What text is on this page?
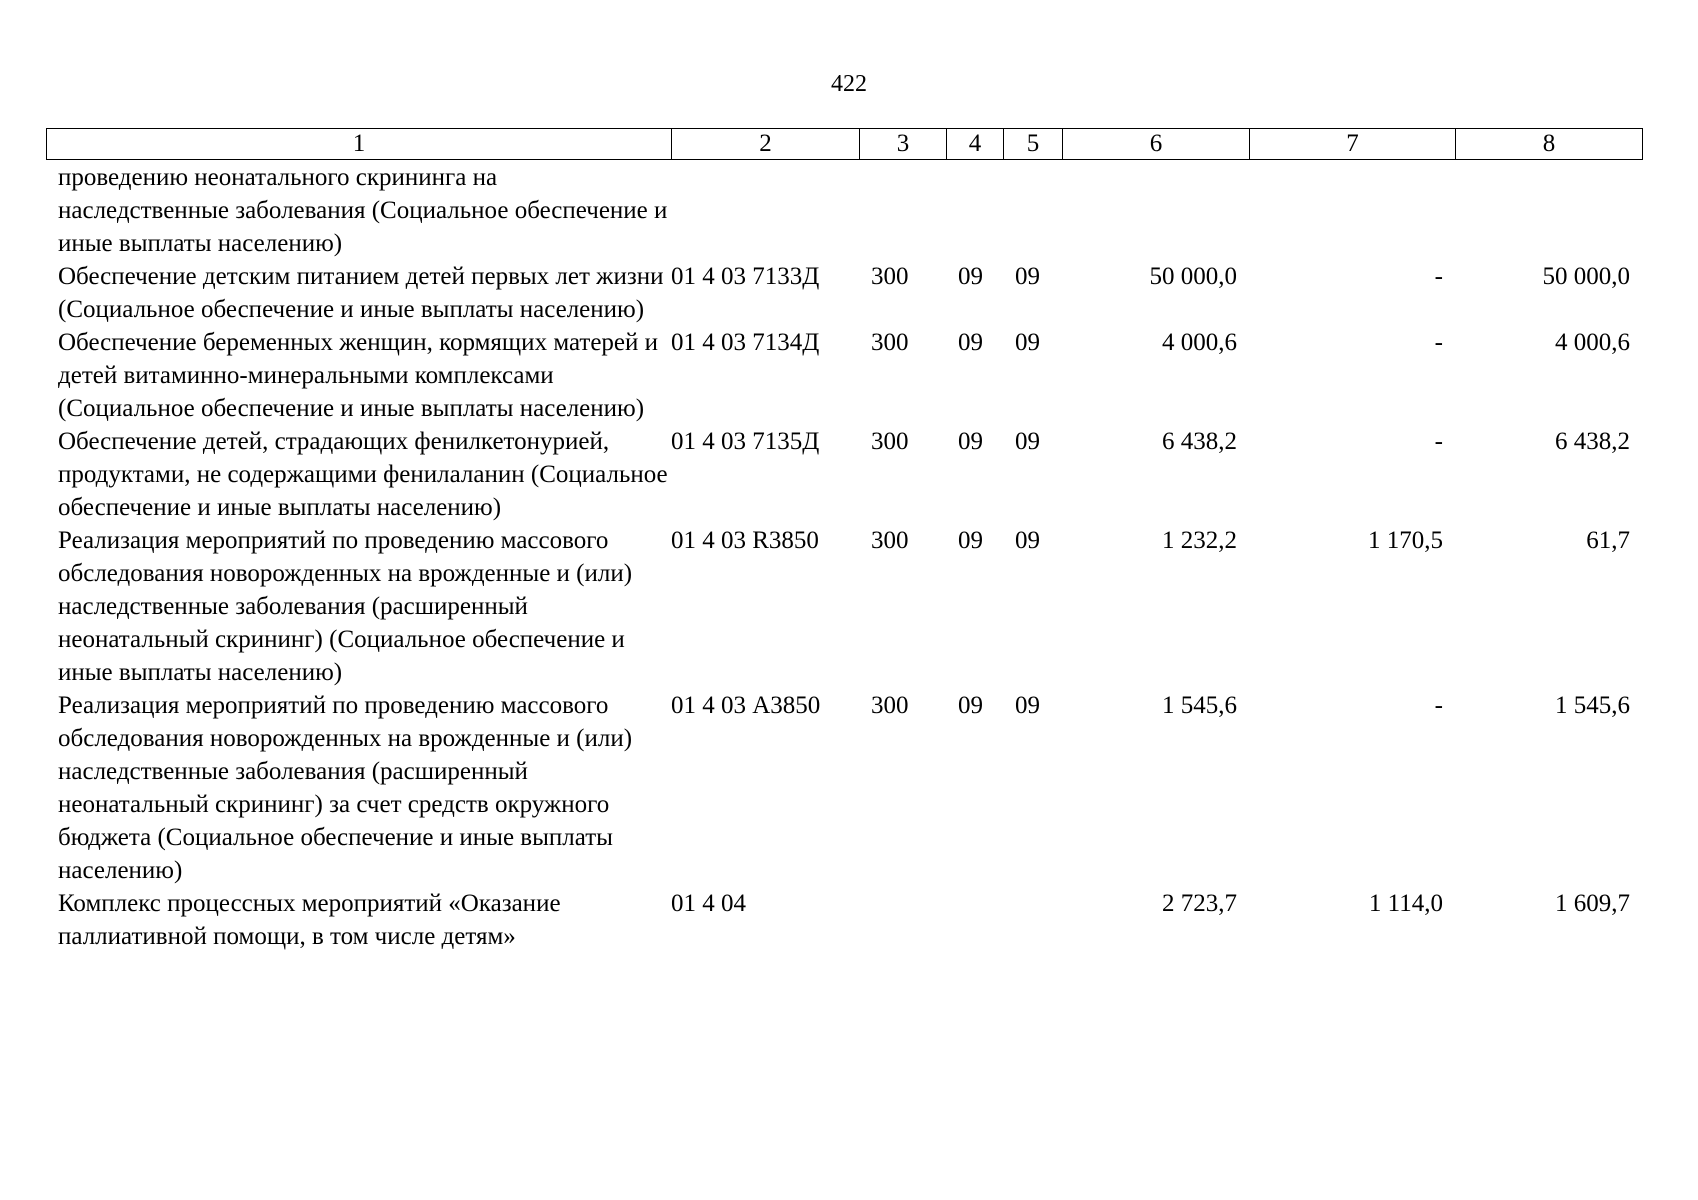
422
1	2	3	4	5	6	7	8
проведению неонатального скрининга на наследственные заболевания (Социальное обеспечение и иные выплаты населению)							
Обеспечение детским питанием детей первых лет жизни (Социальное обеспечение и иные выплаты населению)	01 4 03 7133Д	300	09	09	50 000,0	-	50 000,0
Обеспечение беременных женщин, кормящих матерей и детей витаминно-минеральными комплексами (Социальное обеспечение и иные выплаты населению)	01 4 03 7134Д	300	09	09	4 000,6	-	4 000,6
Обеспечение детей, страдающих фенилкетонурией, продуктами, не содержащими фенилаланин (Социальное обеспечение и иные выплаты населению)	01 4 03 7135Д	300	09	09	6 438,2	-	6 438,2
Реализация мероприятий по проведению массового обследования новорожденных на врожденные и (или) наследственные заболевания (расширенный неонатальный скрининг) (Социальное обеспечение и иные выплаты населению)	01 4 03 R3850	300	09	09	1 232,2	1 170,5	61,7
Реализация мероприятий по проведению массового обследования новорожденных на врожденные и (или) наследственные заболевания (расширенный неонатальный скрининг) за счет средств окружного бюджета (Социальное обеспечение и иные выплаты населению)	01 4 03 А3850	300	09	09	1 545,6	-	1 545,6
Комплекс процессных мероприятий «Оказание паллиативной помощи, в том числе детям»	01 4 04				2 723,7	1 114,0	1 609,7
